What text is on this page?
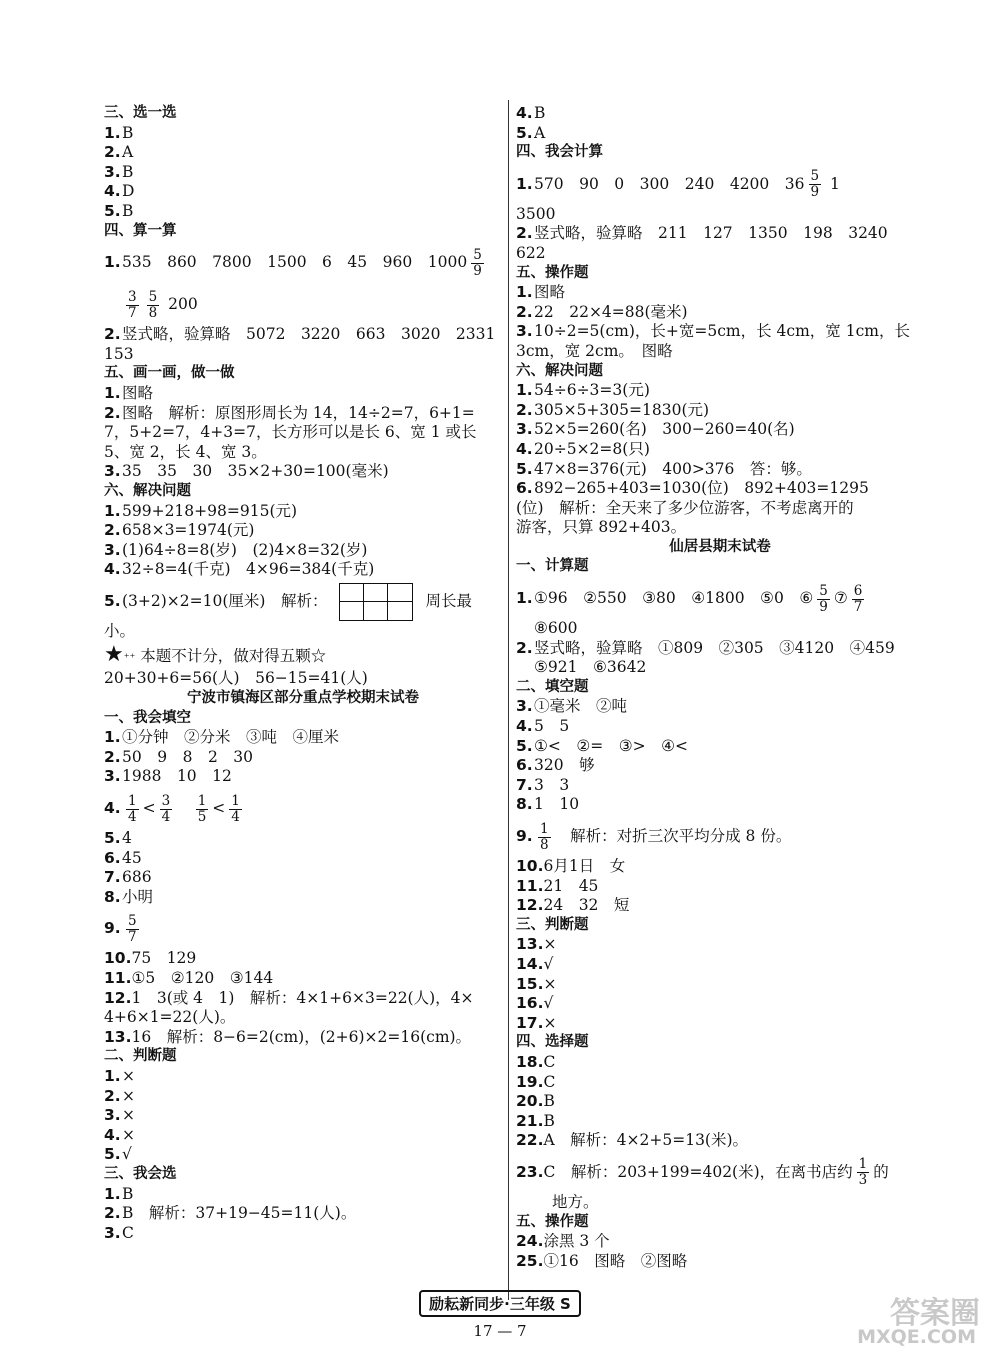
三、选一选
1.B
2.A
3.B
4.D
5.B
四、算一算
1.535　860　7800　1500　6　45　960　$1000 \frac{5}{9}$
$\frac{3}{7} \frac{5}{8} 200$
2.竖式略，验算略　5072　3220　663　3020　2331
153
五、画一画，做一做
1.图略
2.图略　解析：原图形周长为 14，14÷2=7，6+1=
7，5+2=7，4+3=7，长方形可以是长 6、宽 1 或长
5、宽 2，长 4、宽 3。
3.35　35　30　35×2+30=100(毫米)
六、解决问题
1.599+218+98=915(元)
2.658×3=1974(元)
3.(1)64÷8=8(岁)　(2)4×8=32(岁)
4.32÷8=4(千克)　4×96=384(千克)
5.(3+2)×2=10(厘米)　解析：	周长最
小。
★⁺⁺ 本题不计分，做对得五颗☆
20+30+6=56(人)　56−15=41(人)
宁波市镇海区部分重点学校期末试卷
一、我会填空
1.①分钟　②分米　③吨　④厘米
2.50　9　8　2　30
3.1988　10　12
4. $\frac{1}{4} < \frac{3}{4}$
　 $\frac{1}{5} < \frac{1}{4}$
5.4
6.45
7.686
8.小明
9. $\frac{5}{7}$
10.75　129
11.①5　②120　③144
12.1　3(或 4　1)　解析：4×1+6×3=22(人)，4×
4+6×1=22(人)。
13.16　解析：8−6=2(cm)，(2+6)×2=16(cm)。
二、判断题
1.×
2.×
3.×
4.×
5.√
三、我会选
1.B
2.B　解析：37+19−45=11(人)。
3.C
4.B
5.A
四、我会计算
1.570　90　0　300　240　4200　$36 \frac{5}{9} 1$
3500
2.竖式略，验算略　211　127　1350　198　3240
622
五、操作题
1.图略
2.22　22×4=88(毫米)
3.10÷2=5(cm)，长+宽=5cm，长 4cm，宽 1cm，长
3cm，宽 2cm。　图略
六、解决问题
1.54÷6÷3=3(元)
2.305×5+305=1830(元)
3.52×5=260(名)　300−260=40(名)
4.20÷5×2=8(只)
5.47×8=376(元)　400>376　答：够。
6.892−265+403=1030(位)　892+403=1295
(位)　解析：全天来了多少位游客，不考虑离开的
游客，只算 892+403。
仙居县期末试卷
一、计算题
1.①96　②550　③80　④1800　⑤0　⑥ $\frac{5}{9}$ ⑦ $\frac{6}{7}$
⑧600
2.竖式略，验算略　①809　②305　③4120　④459
⑤921　⑥3642
二、填空题
3.①毫米　②吨
4.5　5
5.①<　②=　③>　④<
6.320　够
7.3　3
8.1　10
9. $\frac{1}{8}$
　 解析：对折三次平均分成 8 份。
10.6月1日　女
11.21　45
12.24　32　短
三、判断题
13.×
14.√
15.×
16.√
17.×
四、选择题
18.C
19.C
20.B
21.B
22.A　解析：4×2+5=13(米)。
23.C　解析：203+199=402(米)，在离书店约 $\frac{1}{3}$ 的
地方。
五、操作题
24.涂黑 3 个
25.①16　图略　②图略
励耘新同步·三年级 S
17 — 7	答案圈
MXQE.COM
